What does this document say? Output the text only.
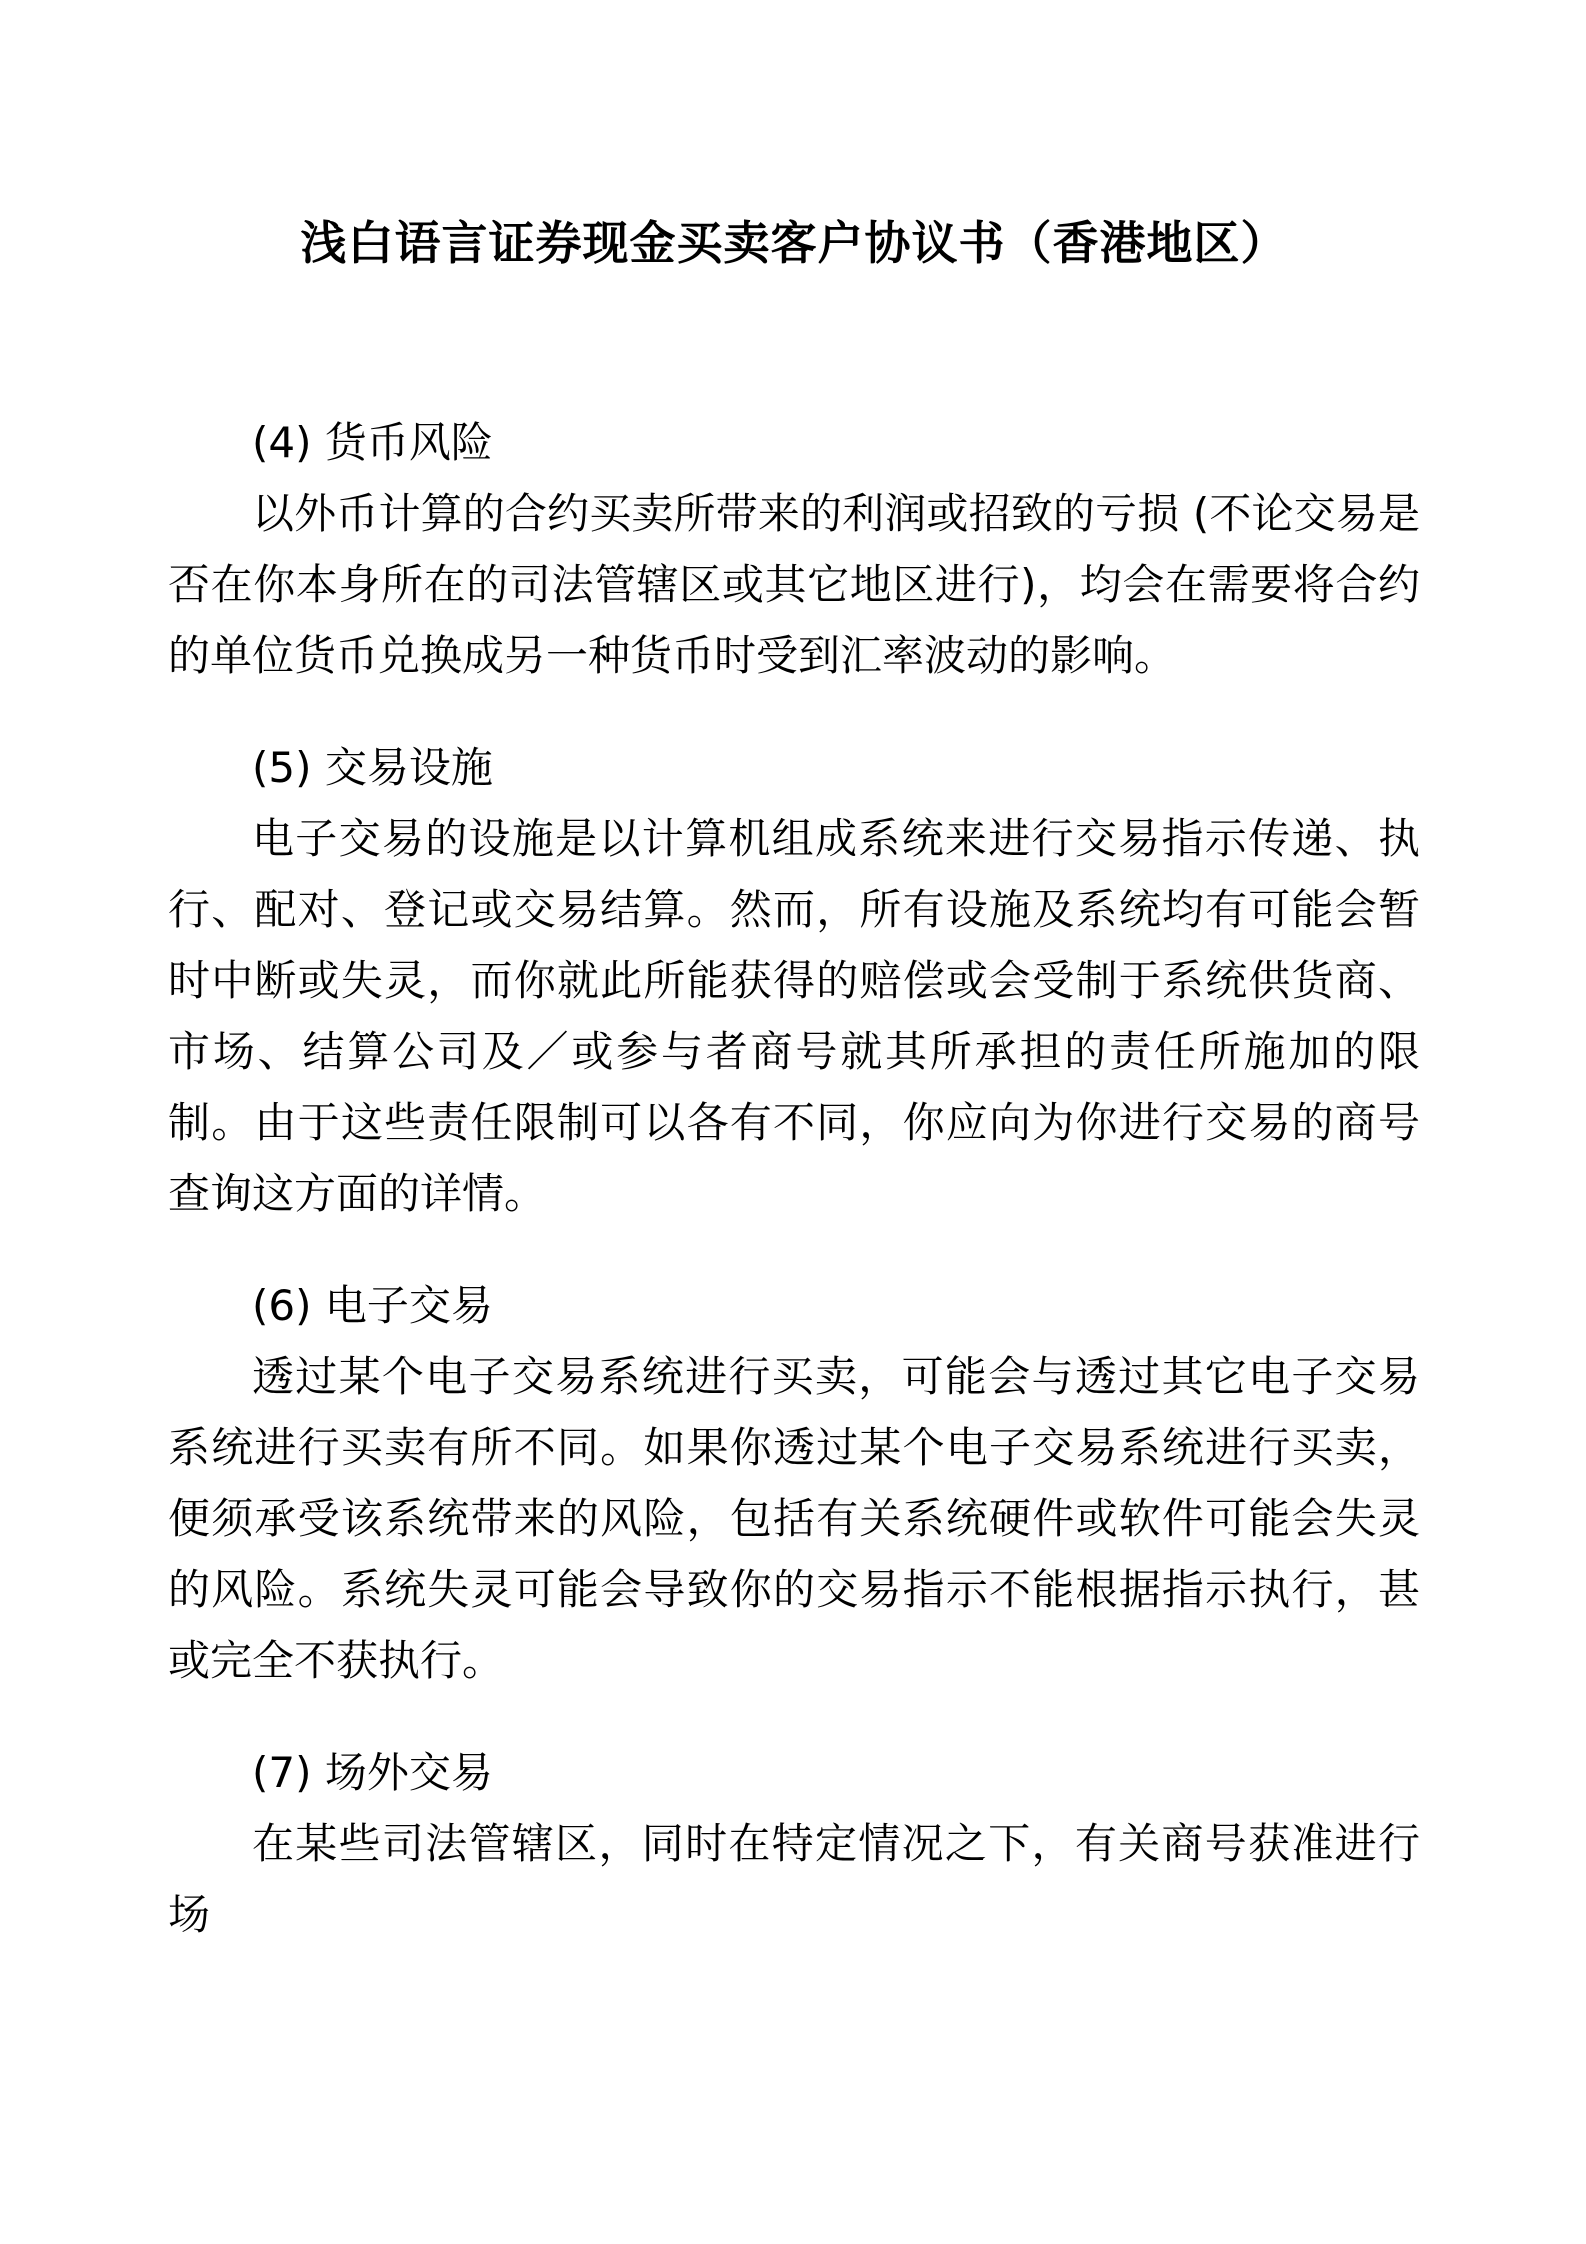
浅白语言证券现金买卖客户协议书（香港地区）
(4) 货币风险

以外币计算的合约买卖所带来的利润或招致的亏损 (不论交易是否在你本身所在的司法管辖区或其它地区进行)，均会在需要将合约的单位货币兑换成另一种货币时受到汇率波动的影响。

(5) 交易设施

电子交易的设施是以计算机组成系统来进行交易指示传递、执行、配对、登记或交易结算。然而，所有设施及系统均有可能会暂时中断或失灵，而你就此所能获得的赔偿或会受制于系统供货商、市场、结算公司及／或参与者商号就其所承担的责任所施加的限制。由于这些责任限制可以各有不同，你应向为你进行交易的商号查询这方面的详情。

(6) 电子交易

透过某个电子交易系统进行买卖，可能会与透过其它电子交易系统进行买卖有所不同。如果你透过某个电子交易系统进行买卖，便须承受该系统带来的风险，包括有关系统硬件或软件可能会失灵的风险。系统失灵可能会导致你的交易指示不能根据指示执行，甚或完全不获执行。

(7) 场外交易

在某些司法管辖区，同时在特定情况之下，有关商号获准进行场
